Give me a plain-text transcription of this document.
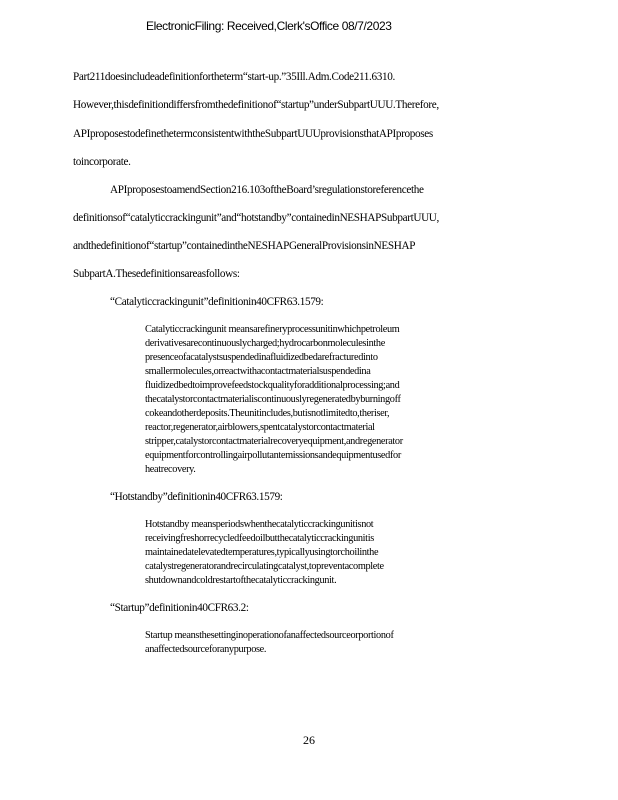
ElectronicFiling: Received,Clerk'sOffice 08/7/2023
Part211doesincludeadefinitionfortheterm“start-up.”35Ill.Adm.Code211.6310.
However,thisdefinitiondiffersfromthedefinitionof“startup”underSubpartUUU.Therefore,
APIproposestodefinethetermconsistentwiththeSubpartUUUprovisionsthatAPIproposes
toincorporate.
APIproposestoamendSection216.103oftheBoard’sregulationstoreferencethe
definitionsof“catalyticcrackingunit”and“hotstandby”containedinNESHAPSubpartUUU,
andthedefinitionof“startup”containedintheNESHAPGeneralProvisionsinNESHAP
SubpartA.Thesedefinitionsareasfollows:
“Catalyticcrackingunit”definitionin40CFR63.1579:
Catalyticcrackingunit meansarefineryprocessunitinwhichpetroleum
derivativesarecontinuouslycharged;hydrocarbonmoleculesinthe
presenceofacatalystsuspendedinafluidizedbedarefracturedinto
smallermolecules,orreactwithacontactmaterialsuspendedina
fluidizedbedtoimprovefeedstockqualityforadditionalprocessing;and
thecatalystorcontactmaterialiscontinuouslyregeneratedbyburningoff
cokeandotherdeposits.Theunitincludes,butisnotlimitedto,theriser,
reactor,regenerator,airblowers,spentcatalystorcontactmaterial
stripper,catalystorcontactmaterialrecoveryequipment,andregenerator
equipmentforcontrollingairpollutantemissionsandequipmentusedfor
heatrecovery.
“Hotstandby”definitionin40CFR63.1579:
Hotstandby meansperiodswhenthecatalyticcrackingunitisnot
receivingfreshorrecycledfeedoilbutthecatalyticcrackingunitis
maintainedatelevatedtemperatures,typicallyusingtorchoilinthe
catalystregeneratorandrecirculatingcatalyst,topreventacomplete
shutdownandcoldrestartofthecatalyticcrackingunit.
“Startup”definitionin40CFR63.2:
Startup meansthesettinginoperationofanaffectedsourceorportionof
anaffectedsourceforanypurpose.
26
